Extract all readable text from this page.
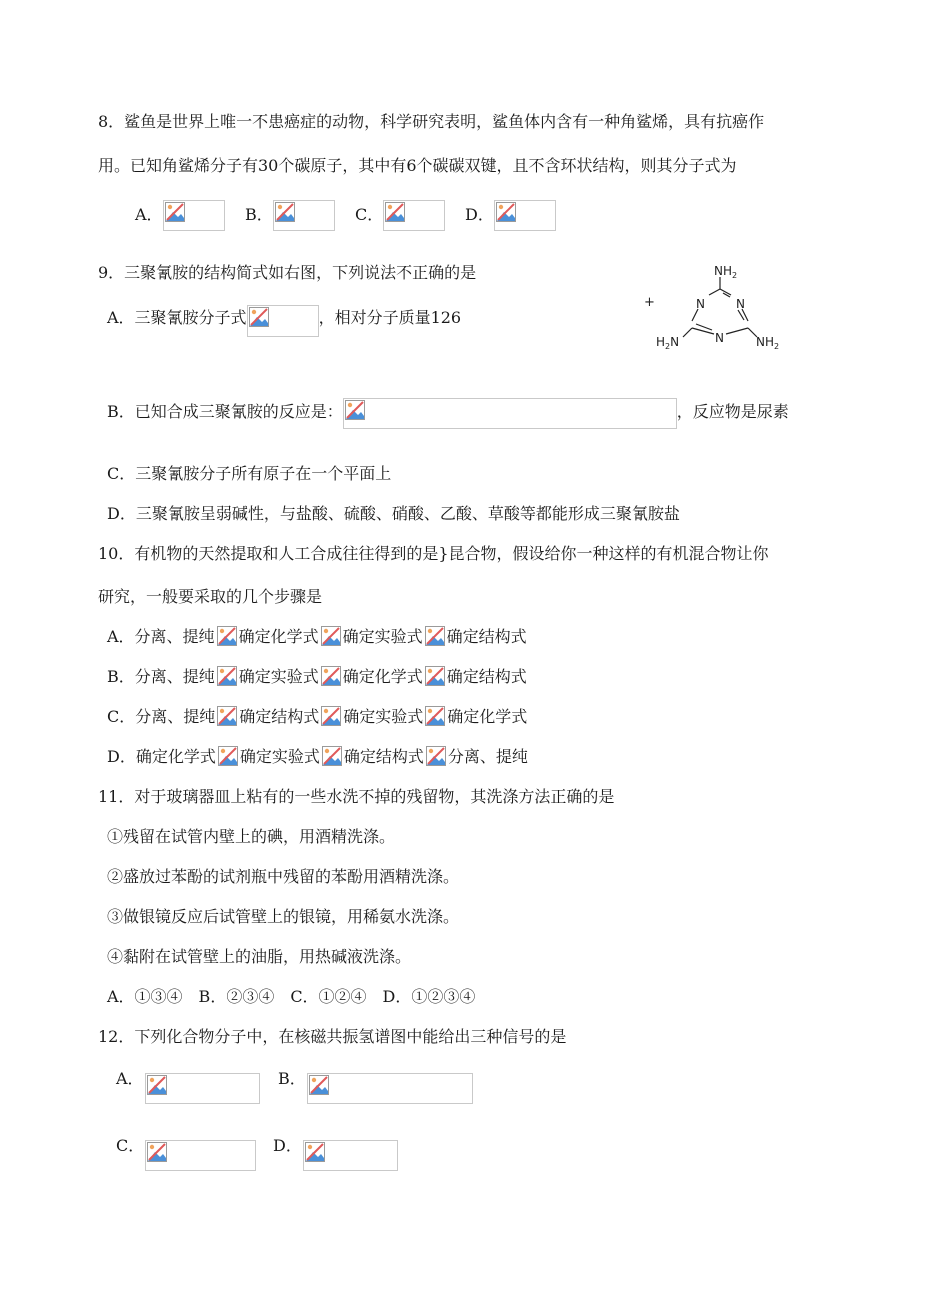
8．鲨鱼是世界上唯一不患癌症的动物，科学研究表明，鲨鱼体内含有一种角鲨烯，具有抗癌作
用。已知角鲨烯分子有30个碳原子，其中有6个碳碳双键，且不含环状结构，则其分子式为
A．	B．	C．	D．
9．三聚氰胺的结构简式如右图，下列说法不正确的是
A．三聚氰胺分子式	，相对分子质量126
B．已知合成三聚氰胺的反应是：	，反应物是尿素
C．三聚氰胺分子所有原子在一个平面上
D．三聚氰胺呈弱碱性，与盐酸、硫酸、硝酸、乙酸、草酸等都能形成三聚氰胺盐
+
$NH_2$
N	N
N
$H_2N$	$NH_2$
10．有机物的天然提取和人工合成往往得到的是}昆合物，假设给你一种这样的有机混合物让你
研究，一般要采取的几个步骤是
A．分离、提纯 确定化学式 确定实验式 确定结构式
B．分离、提纯 确定实验式 确定化学式 确定结构式
C．分离、提纯 确定结构式 确定实验式 确定化学式
D．确定化学式 确定实验式 确定结构式 分离、提纯
11．对于玻璃器皿上粘有的一些水洗不掉的残留物，其洗涤方法正确的是
①残留在试管内壁上的碘，用酒精洗涤。
②盛放过苯酚的试剂瓶中残留的苯酚用酒精洗涤。
③做银镜反应后试管壁上的银镜，用稀氨水洗涤。
④黏附在试管壁上的油脂，用热碱液洗涤。
A．①③④　B．②③④　C．①②④　D．①②③④
12．下列化合物分子中，在核磁共振氢谱图中能给出三种信号的是
A．	B．
C．	D．
